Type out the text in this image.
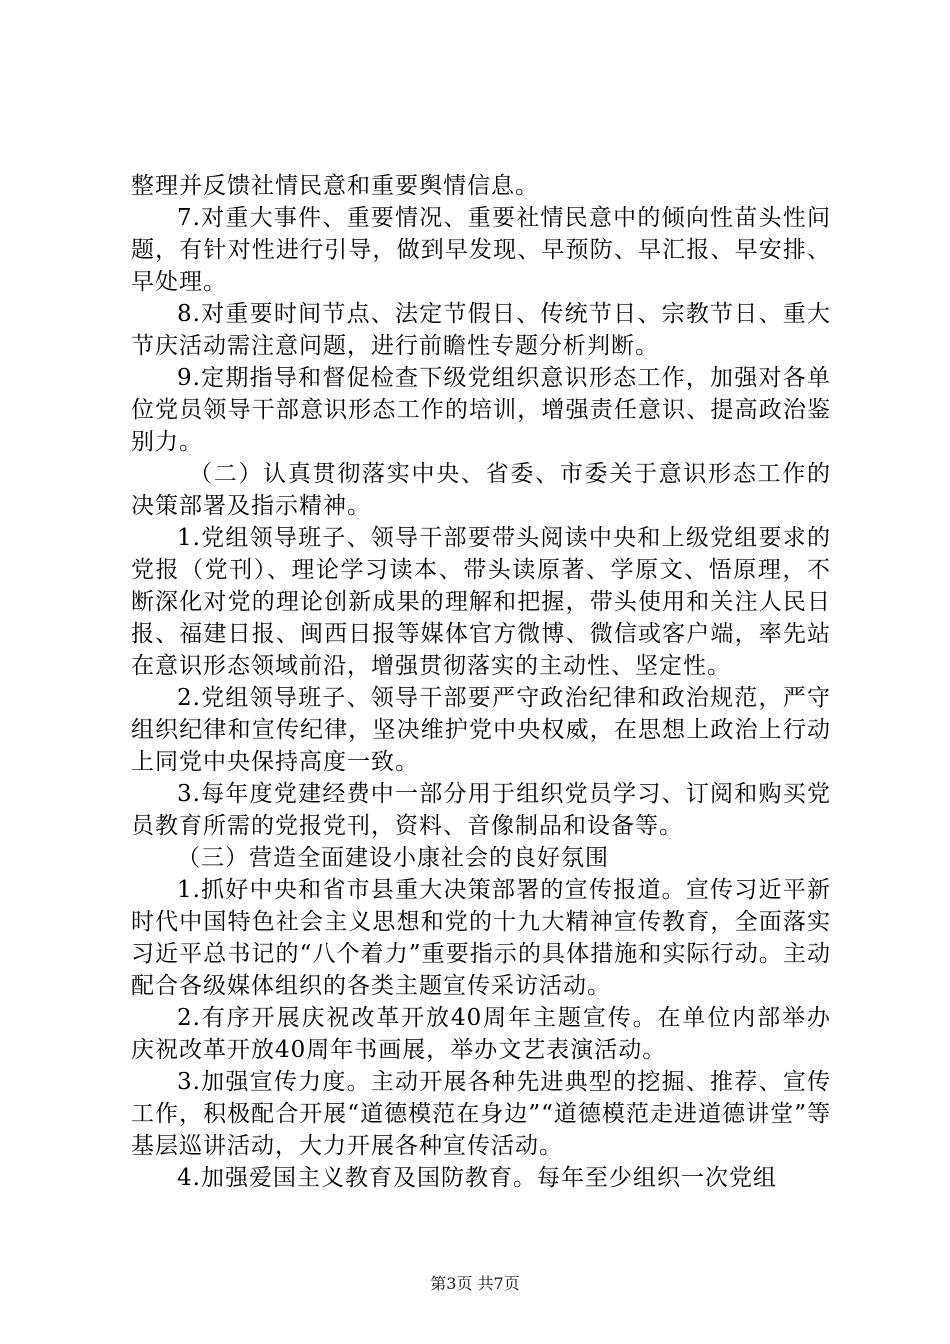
整理并反馈社情民意和重要舆情信息。

7.对重大事件、重要情况、重要社情民意中的倾向性苗头性问题，有针对性进行引导，做到早发现、早预防、早汇报、早安排、早处理。

8.对重要时间节点、法定节假日、传统节日、宗教节日、重大节庆活动需注意问题，进行前瞻性专题分析判断。

9.定期指导和督促检查下级党组织意识形态工作，加强对各单位党员领导干部意识形态工作的培训，增强责任意识、提高政治鉴别力。

（二）认真贯彻落实中央、省委、市委关于意识形态工作的决策部署及指示精神。

1.党组领导班子、领导干部要带头阅读中央和上级党组要求的党报（党刊）、理论学习读本、带头读原著、学原文、悟原理，不断深化对党的理论创新成果的理解和把握，带头使用和关注人民日报、福建日报、闽西日报等媒体官方微博、微信或客户端，率先站在意识形态领域前沿，增强贯彻落实的主动性、坚定性。

2.党组领导班子、领导干部要严守政治纪律和政治规范，严守组织纪律和宣传纪律，坚决维护党中央权威，在思想上政治上行动上同党中央保持高度一致。

3.每年度党建经费中一部分用于组织党员学习、订阅和购买党员教育所需的党报党刊，资料、音像制品和设备等。

（三）营造全面建设小康社会的良好氛围

1.抓好中央和省市县重大决策部署的宣传报道。宣传习近平新时代中国特色社会主义思想和党的十九大精神宣传教育，全面落实习近平总书记的“八个着力”重要指示的具体措施和实际行动。主动配合各级媒体组织的各类主题宣传采访活动。

2.有序开展庆祝改革开放40周年主题宣传。在单位内部举办庆祝改革开放40周年书画展，举办文艺表演活动。

3.加强宣传力度。主动开展各种先进典型的挖掘、推荐、宣传工作，积极配合开展“道德模范在身边”“道德模范走进道德讲堂”等基层巡讲活动，大力开展各种宣传活动。

4.加强爱国主义教育及国防教育。每年至少组织一次党组

第3页 共7页
